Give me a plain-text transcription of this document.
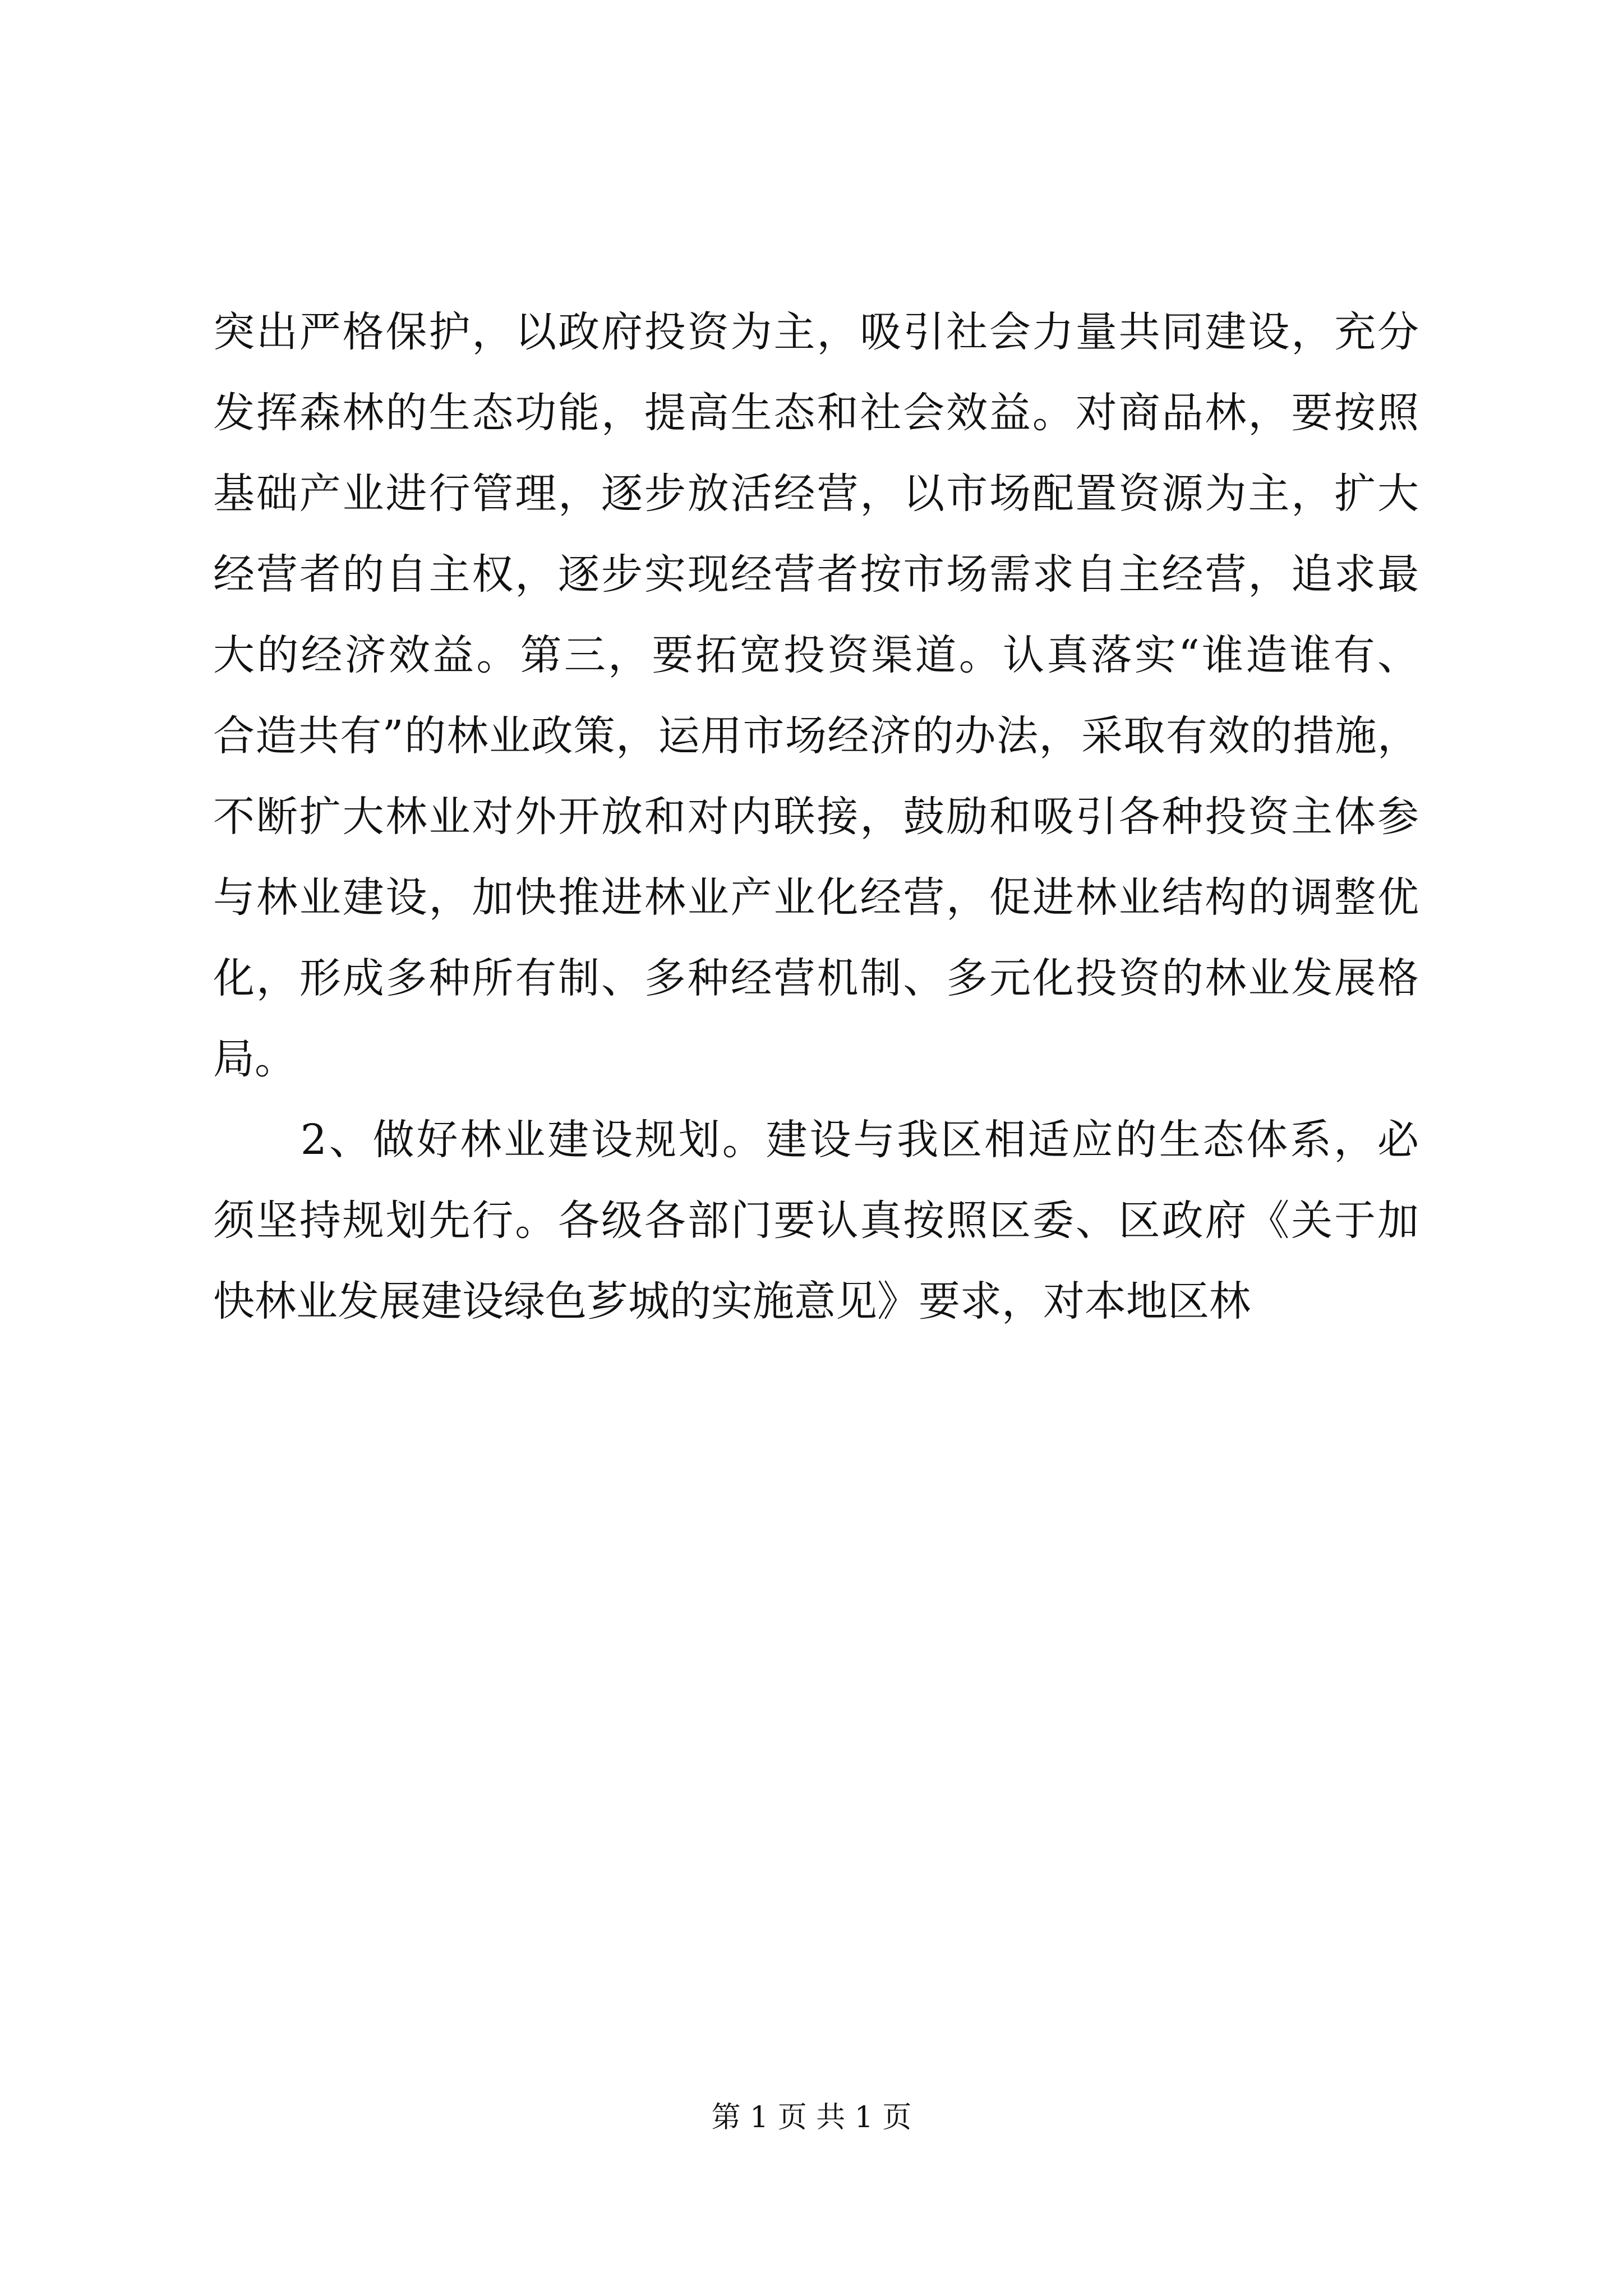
突出严格保护，以政府投资为主，吸引社会力量共同建设，充分
发挥森林的生态功能，提高生态和社会效益。对商品林，要按照
基础产业进行管理，逐步放活经营，以市场配置资源为主，扩大
经营者的自主权，逐步实现经营者按市场需求自主经营，追求最
大的经济效益。第三，要拓宽投资渠道。认真落实“谁造谁有、
合造共有”的林业政策，运用市场经济的办法，采取有效的措施，
不断扩大林业对外开放和对内联接，鼓励和吸引各种投资主体参
与林业建设，加快推进林业产业化经营，促进林业结构的调整优
化，形成多种所有制、多种经营机制、多元化投资的林业发展格
局。
　　2、做好林业建设规划。建设与我区相适应的生态体系，必
须坚持规划先行。各级各部门要认真按照区委、区政府《关于加
快林业发展建设绿色芗城的实施意见》要求，对本地区林
第 1 页 共 1 页
